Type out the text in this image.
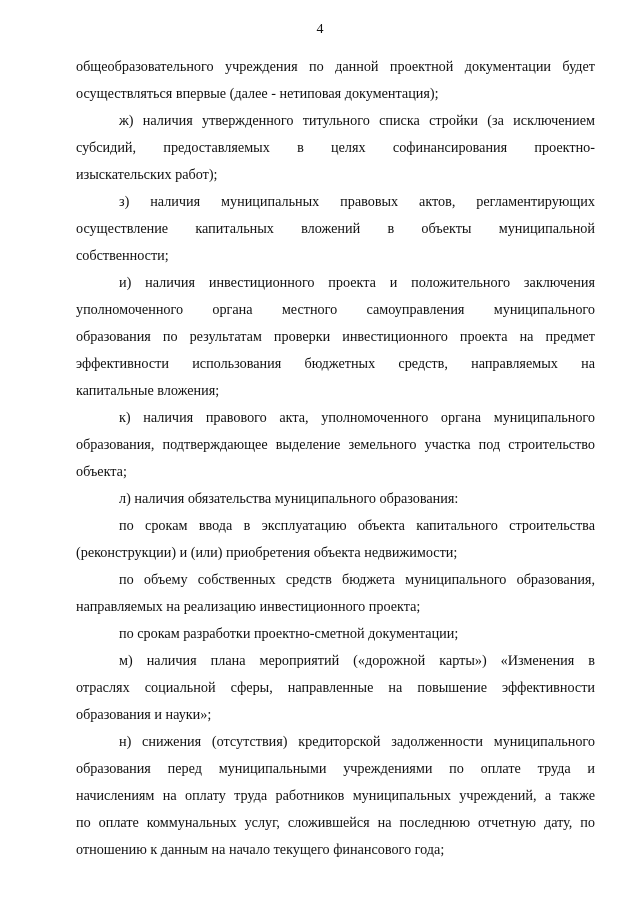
4
общеобразовательного учреждения по данной проектной документации будет
осуществляться впервые (далее - нетиповая документация);
ж) наличия утвержденного титульного списка стройки (за исключением
субсидий, предоставляемых в целях софинансирования проектно-
изыскательских работ);
з) наличия муниципальных правовых актов, регламентирующих
осуществление капитальных вложений в объекты муниципальной
собственности;
и) наличия инвестиционного проекта и положительного заключения
уполномоченного органа местного самоуправления муниципального
образования по результатам проверки инвестиционного проекта на предмет
эффективности использования бюджетных средств, направляемых на
капитальные вложения;
к) наличия правового акта, уполномоченного органа муниципального
образования, подтверждающее выделение земельного участка под строительство
объекта;
л) наличия обязательства муниципального образования:
по срокам ввода в эксплуатацию объекта капитального строительства
(реконструкции) и (или) приобретения объекта недвижимости;
по объему собственных средств бюджета муниципального образования,
направляемых на реализацию инвестиционного проекта;
по срокам разработки проектно-сметной документации;
м) наличия плана мероприятий («дорожной карты») «Изменения в
отраслях социальной сферы, направленные на повышение эффективности
образования и науки»;
н) снижения (отсутствия) кредиторской задолженности муниципального
образования перед муниципальными учреждениями по оплате труда и
начислениям на оплату труда работников муниципальных учреждений, а также
по оплате коммунальных услуг, сложившейся на последнюю отчетную дату, по
отношению к данным на начало текущего финансового года;
